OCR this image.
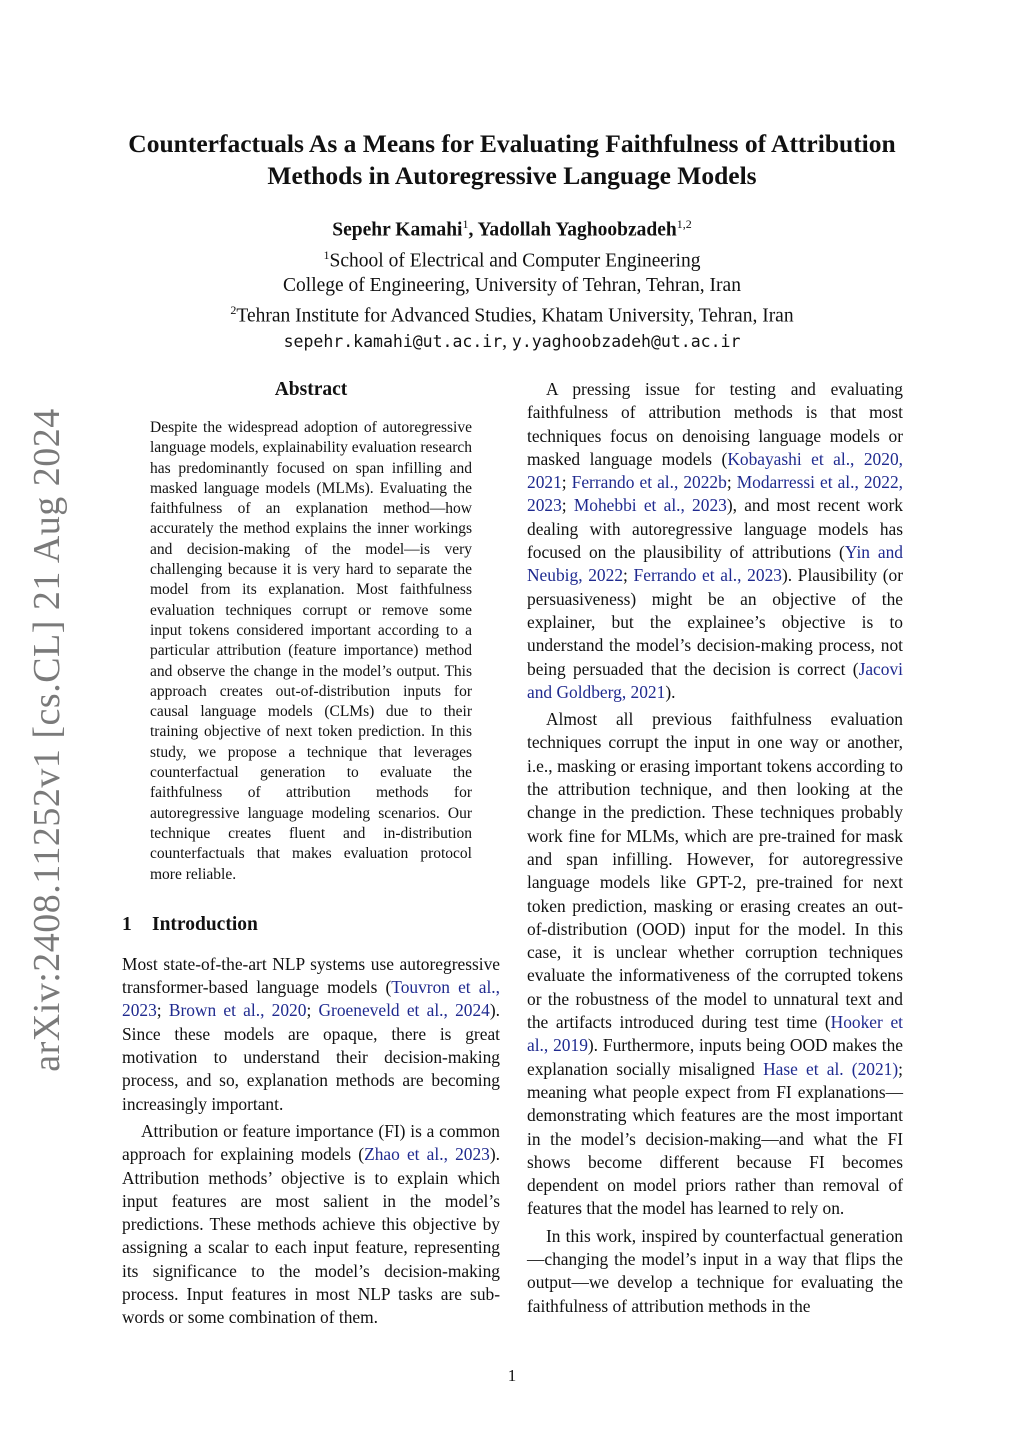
arXiv:2408.11252v1 [cs.CL] 21 Aug 2024
Counterfactuals As a Means for Evaluating Faithfulness of Attribution
Methods in Autoregressive Language Models
Sepehr Kamahi$^1$, Yadollah Yaghoobzadeh$^{1,2}$
$^1$School of Electrical and Computer Engineering
College of Engineering, University of Tehran, Tehran, Iran
$^2$Tehran Institute for Advanced Studies, Khatam University, Tehran, Iran
sepehr.kamahi@ut.ac.ir, y.yaghoobzadeh@ut.ac.ir
Abstract

Despite the widespread adoption of autoregressive language models, explainability evaluation research has predominantly focused on span infilling and masked language models (MLMs). Evaluating the faithfulness of an explanation method—how accurately the method explains the inner workings and decision-making of the model—is very challenging because it is very hard to separate the model from its explanation. Most faithfulness evaluation techniques corrupt or remove some input tokens considered important according to a particular attribution (feature importance) method and observe the change in the model’s output. This approach creates out-of-distribution inputs for causal language models (CLMs) due to their training objective of next token prediction. In this study, we propose a technique that leverages counterfactual generation to evaluate the faithfulness of attribution methods for autoregressive language modeling scenarios. Our technique creates fluent and in-distribution counterfactuals that makes evaluation protocol more reliable.

1 Introduction

Most state-of-the-art NLP systems use autoregressive transformer-based language models (Touvron et al., 2023; Brown et al., 2020; Groeneveld et al., 2024). Since these models are opaque, there is great motivation to understand their decision-making process, and so, explanation methods are becoming increasingly important.

Attribution or feature importance (FI) is a common approach for explaining models (Zhao et al., 2023). Attribution methods’ objective is to explain which input features are most salient in the model’s predictions. These methods achieve this objective by assigning a scalar to each input feature, representing its significance to the model’s decision-making process. Input features in most NLP tasks are sub-words or some combination of them.

A pressing issue for testing and evaluating faithfulness of attribution methods is that most techniques focus on denoising language models or masked language models (Kobayashi et al., 2020, 2021; Ferrando et al., 2022b; Modarressi et al., 2022, 2023; Mohebbi et al., 2023), and most recent work dealing with autoregressive language models has focused on the plausibility of attributions (Yin and Neubig, 2022; Ferrando et al., 2023). Plausibility (or persuasiveness) might be an objective of the explainer, but the explainee’s objective is to understand the model’s decision-making process, not being persuaded that the decision is correct (Jacovi and Goldberg, 2021).

Almost all previous faithfulness evaluation techniques corrupt the input in one way or another, i.e., masking or erasing important tokens according to the attribution technique, and then looking at the change in the prediction. These techniques probably work fine for MLMs, which are pre-trained for mask and span infilling. However, for autoregressive language models like GPT-2, pre-trained for next token prediction, masking or erasing creates an out-of-distribution (OOD) input for the model. In this case, it is unclear whether corruption techniques evaluate the informativeness of the corrupted tokens or the robustness of the model to unnatural text and the artifacts introduced during test time (Hooker et al., 2019). Furthermore, inputs being OOD makes the explanation socially misaligned Hase et al. (2021); meaning what people expect from FI explanations—demonstrating which features are the most important in the model’s decision-making—and what the FI shows become different because FI becomes dependent on model priors rather than removal of features that the model has learned to rely on.

In this work, inspired by counterfactual generation—changing the model’s input in a way that flips the output—we develop a technique for evaluating the faithfulness of attribution methods in the

1
